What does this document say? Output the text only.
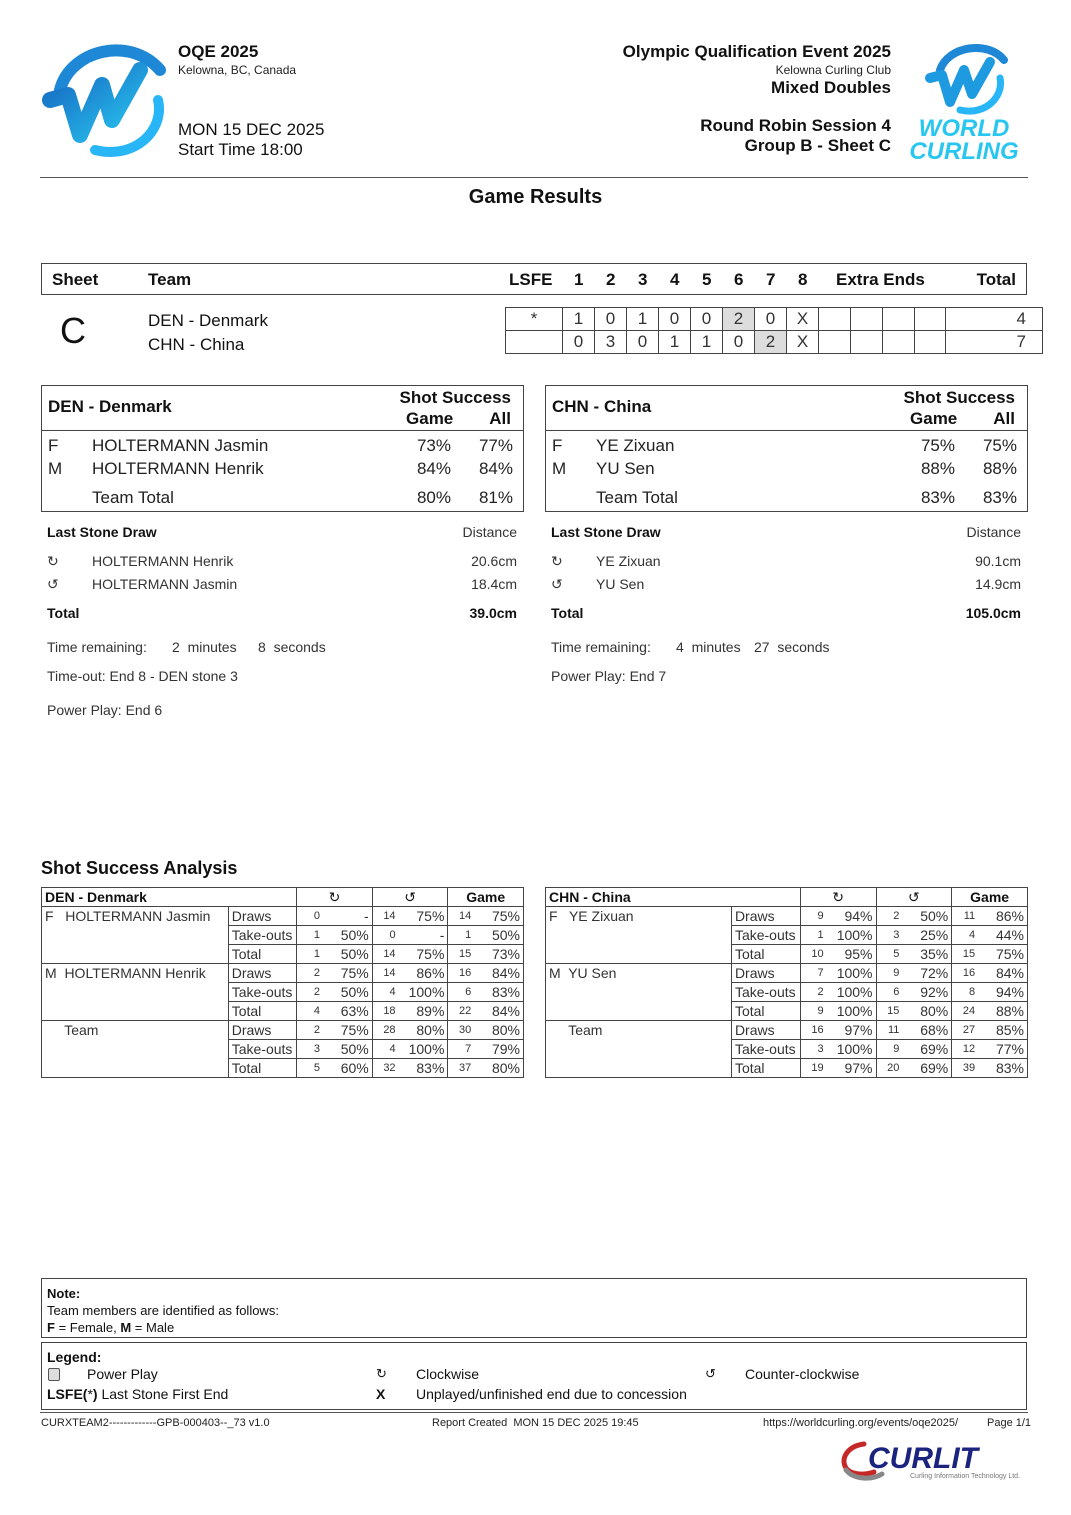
OQE 2025
Kelowna, BC, Canada
MON 15 DEC 2025
Start Time 18:00
Olympic Qualification Event 2025
Kelowna Curling Club
Mixed Doubles
Round Robin Session 4
Group B - Sheet C
WORLD
CURLING
Game Results
Sheet	Team	LSFE 1 2 3 4 5 6 7 8 Extra Ends	Total
C	DEN - Denmark
CHN - China
*	1	0	1	0	0	2	0	X					4
	0	3	0	1	1	0	2	X					7
DEN - Denmark	Shot Success
Game All
F HOLTERMANN Jasmin	73% 77%
M HOLTERMANN Henrik	84% 84%
Team Total	80% 81%
CHN - China	Shot Success
Game All
F YE Zixuan	75% 75%
M YU Sen	88% 88%
Team Total	83% 83%
Last Stone Draw	Distance
↻ HOLTERMANN Henrik	20.6cm
↺ HOLTERMANN Jasmin	18.4cm
Total	39.0cm
Time remaining: 2  minutes 8  seconds
Time-out: End 8 - DEN stone 3
Power Play: End 6
Last Stone Draw	Distance
↻ YE Zixuan	90.1cm
↺ YU Sen	14.9cm
Total	105.0cm
Time remaining: 4  minutes 27  seconds
Power Play: End 7
Shot Success Analysis
DEN - Denmark		↻		↺		Game	
F   HOLTERMANN Jasmin	Draws	0	-	14	75%	14	75%
	Take-outs	1	50%	0	-	1	50%
	Total	1	50%	14	75%	15	73%
M  HOLTERMANN Henrik	Draws	2	75%	14	86%	16	84%
	Take-outs	2	50%	4	100%	6	83%
	Total	4	63%	18	89%	22	84%
Team	Draws	2	75%	28	80%	30	80%
	Take-outs	3	50%	4	100%	7	79%
	Total	5	60%	32	83%	37	80%
CHN - China		↻		↺		Game	
F   YE Zixuan	Draws	9	94%	2	50%	11	86%
	Take-outs	1	100%	3	25%	4	44%
	Total	10	95%	5	35%	15	75%
M  YU Sen	Draws	7	100%	9	72%	16	84%
	Take-outs	2	100%	6	92%	8	94%
	Total	9	100%	15	80%	24	88%
Team	Draws	16	97%	11	68%	27	85%
	Take-outs	3	100%	9	69%	12	77%
	Total	19	97%	20	69%	39	83%
Note:
Team members are identified as follows:
F = Female, M = Male
Legend:
Power Play	↻ Clockwise	↺ Counter-clockwise
LSFE(*) Last Stone First End	X Unplayed/unfinished end due to concession
CURXTEAM2-------------GPB-000403--_73 v1.0	Report Created  MON 15 DEC 2025 19:45	https://worldcurling.org/events/oqe2025/	Page 1/1
CURLIT
Curling Information Technology Ltd.
